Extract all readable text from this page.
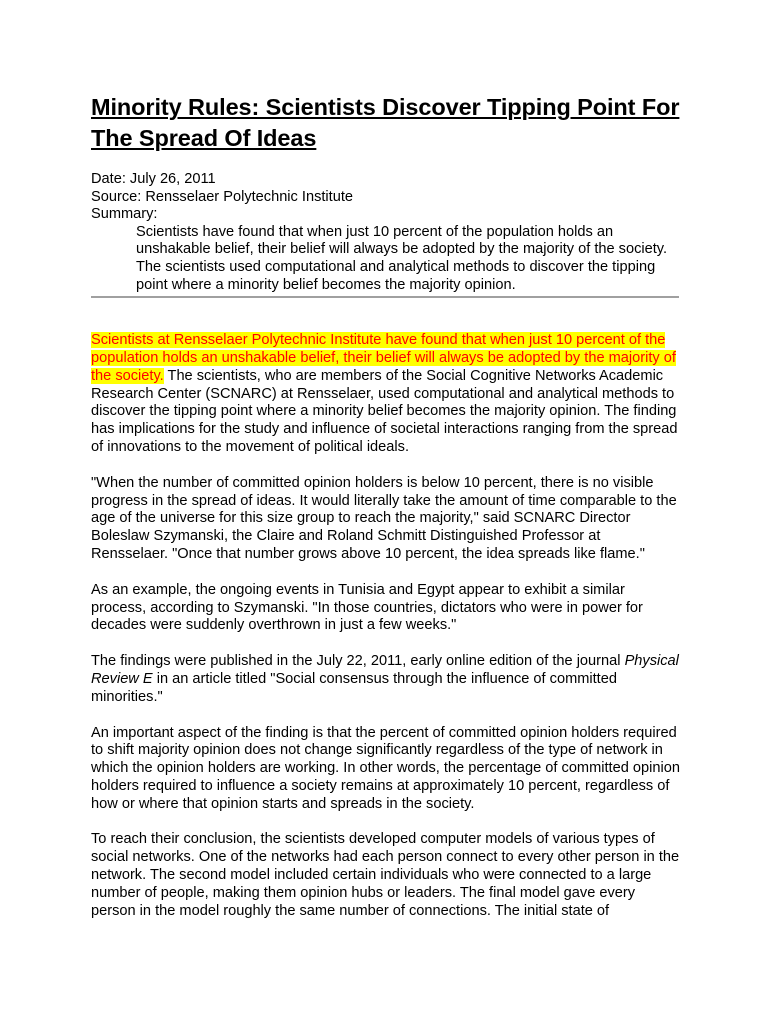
Minority Rules: Scientists Discover Tipping Point For The Spread Of Ideas
Date: July 26, 2011
Source: Rensselaer Polytechnic Institute
Summary:
Scientists have found that when just 10 percent of the population holds an unshakable belief, their belief will always be adopted by the majority of the society. The scientists used computational and analytical methods to discover the tipping point where a minority belief becomes the majority opinion.

Scientists at Rensselaer Polytechnic Institute have found that when just 10 percent of the population holds an unshakable belief, their belief will always be adopted by the majority of the society. The scientists, who are members of the Social Cognitive Networks Academic Research Center (SCNARC) at Rensselaer, used computational and analytical methods to discover the tipping point where a minority belief becomes the majority opinion. The finding has implications for the study and influence of societal interactions ranging from the spread of innovations to the movement of political ideals.

"When the number of committed opinion holders is below 10 percent, there is no visible progress in the spread of ideas. It would literally take the amount of time comparable to the age of the universe for this size group to reach the majority," said SCNARC Director Boleslaw Szymanski, the Claire and Roland Schmitt Distinguished Professor at Rensselaer. "Once that number grows above 10 percent, the idea spreads like flame."

As an example, the ongoing events in Tunisia and Egypt appear to exhibit a similar process, according to Szymanski. "In those countries, dictators who were in power for decades were suddenly overthrown in just a few weeks."

The findings were published in the July 22, 2011, early online edition of the journal Physical Review E in an article titled "Social consensus through the influence of committed minorities."

An important aspect of the finding is that the percent of committed opinion holders required to shift majority opinion does not change significantly regardless of the type of network in which the opinion holders are working. In other words, the percentage of committed opinion holders required to influence a society remains at approximately 10 percent, regardless of how or where that opinion starts and spreads in the society.

To reach their conclusion, the scientists developed computer models of various types of social networks. One of the networks had each person connect to every other person in the network. The second model included certain individuals who were connected to a large number of people, making them opinion hubs or leaders. The final model gave every person in the model roughly the same number of connections. The initial state of
